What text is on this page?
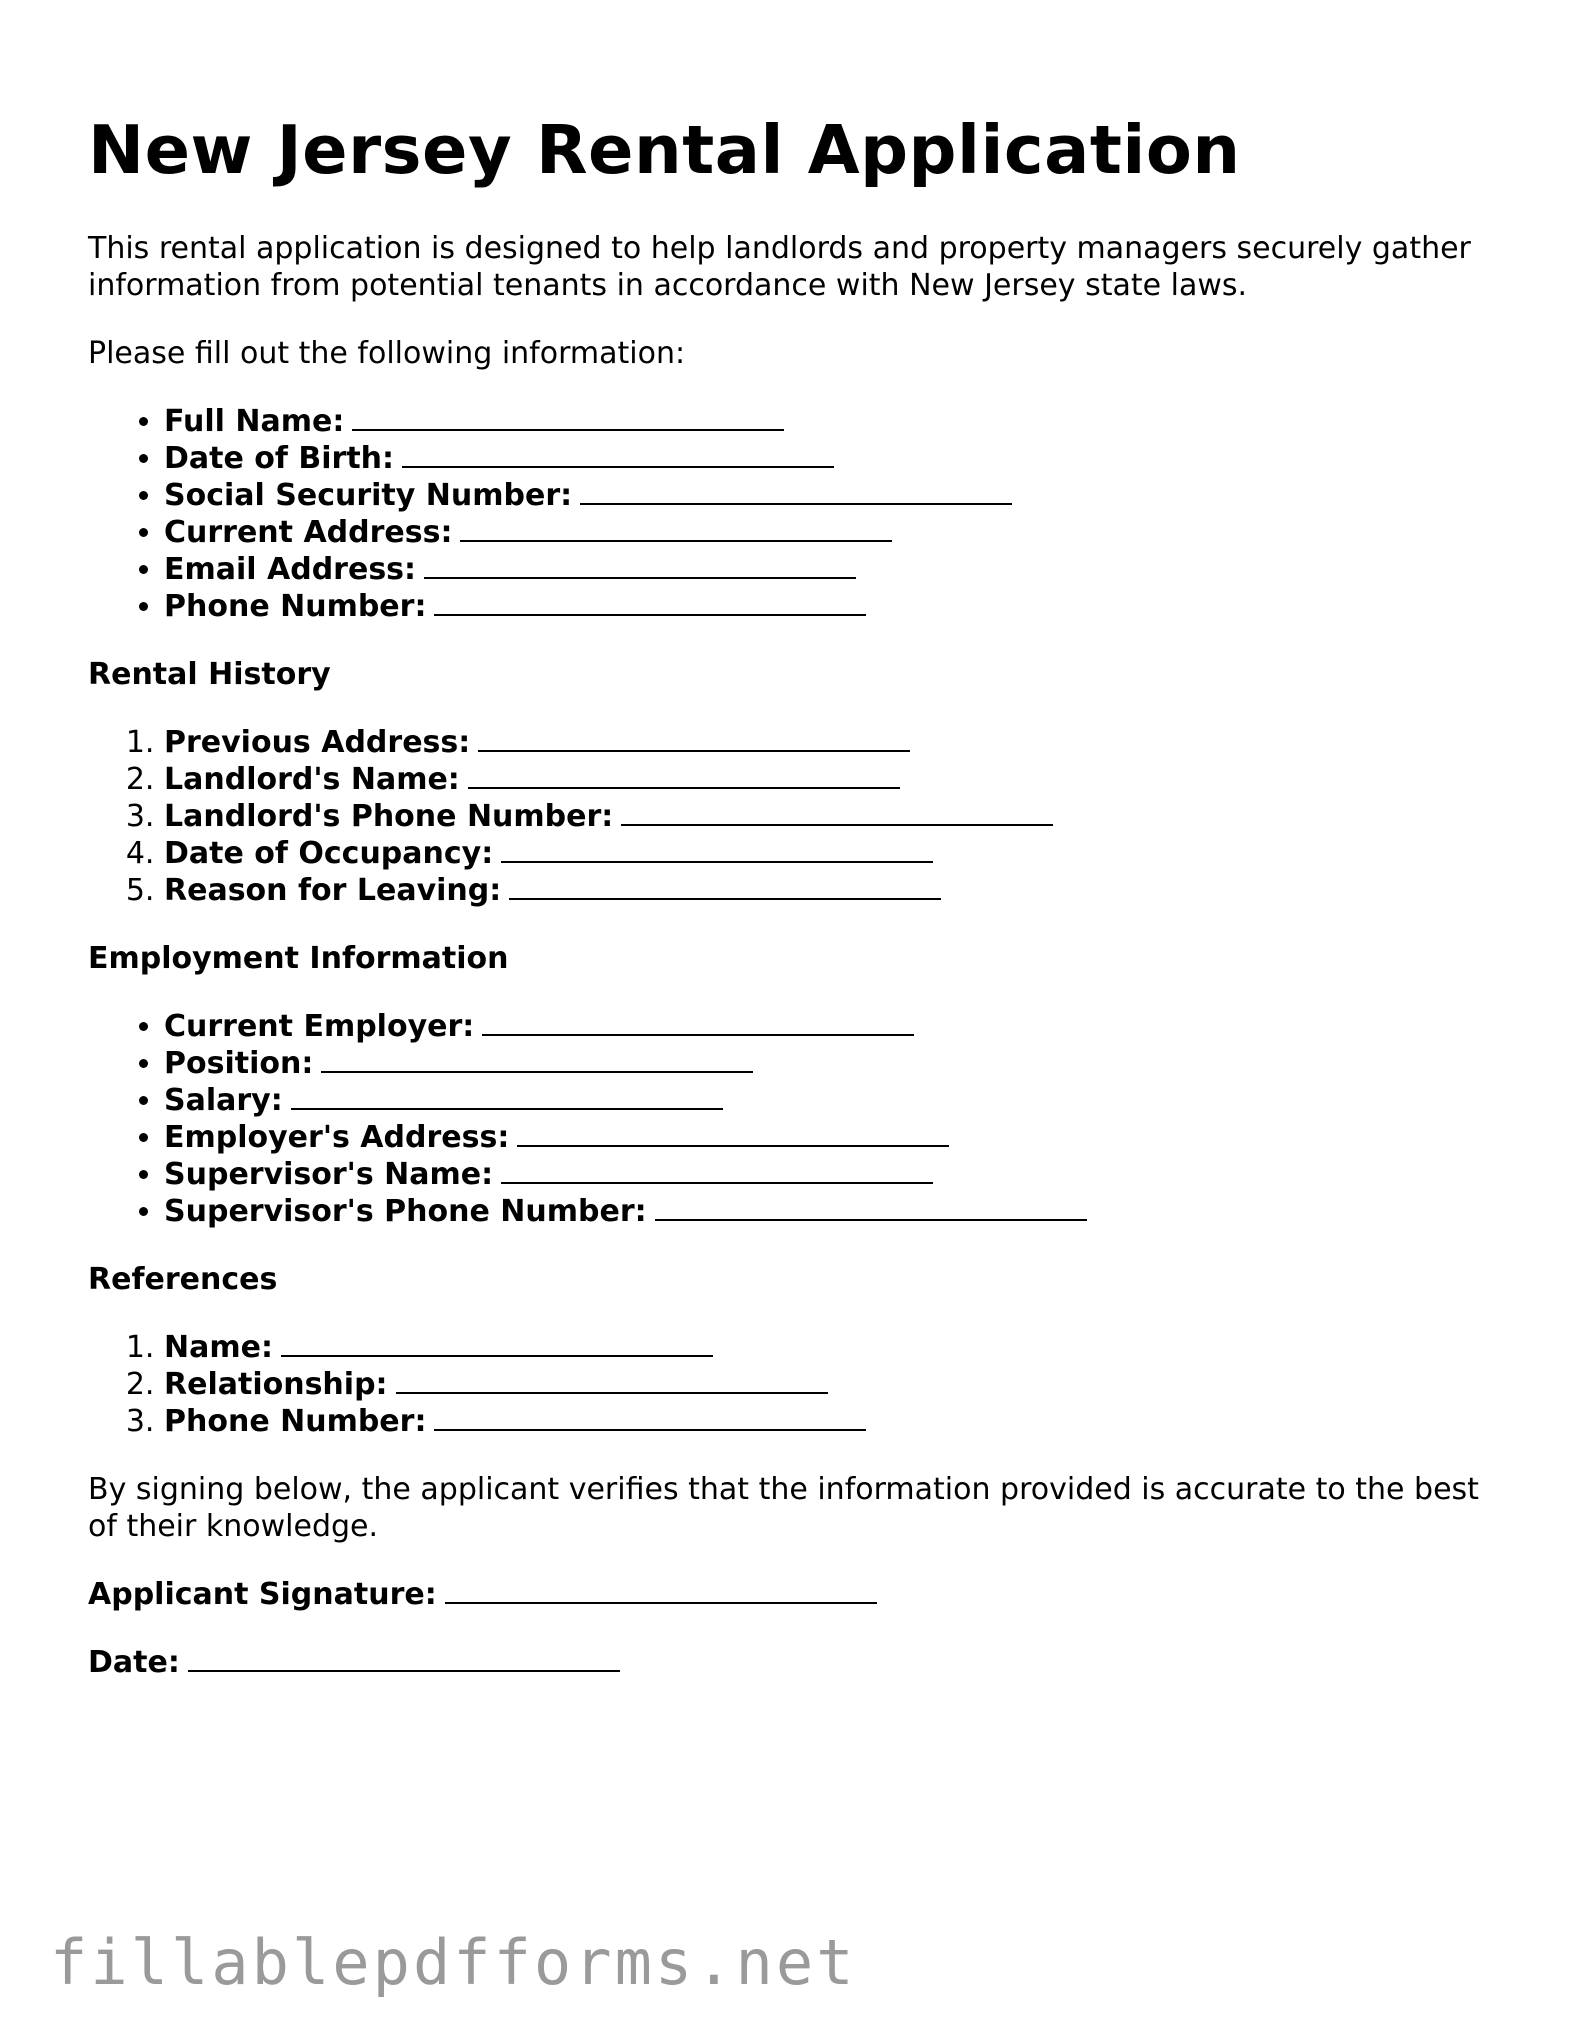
New Jersey Rental Application

This rental application is designed to help landlords and property managers securely gather information from potential tenants in accordance with New Jersey state laws.

Please fill out the following information:

• Full Name:
• Date of Birth:
• Social Security Number:
• Current Address:
• Email Address:
• Phone Number:
Rental History
1. Previous Address:
2. Landlord's Name:
3. Landlord's Phone Number:
4. Date of Occupancy:
5. Reason for Leaving:
Employment Information
• Current Employer:
• Position:
• Salary:
• Employer's Address:
• Supervisor's Name:
• Supervisor's Phone Number:
References
1. Name:
2. Relationship:
3. Phone Number:

By signing below, the applicant verifies that the information provided is accurate to the best of their knowledge.

Applicant Signature:
Date:
fillablepdfforms.net
